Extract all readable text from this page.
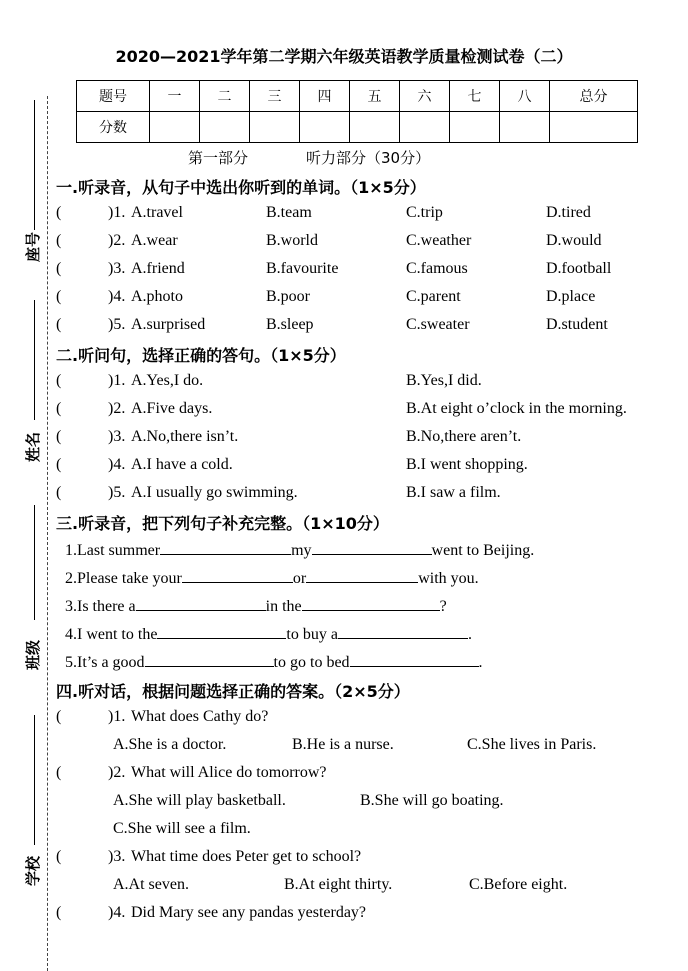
2020—2021学年第二学期六年级英语教学质量检测试卷（二）
题号	一	二	三	四	五	六	七	八	总分
分数									
第一部分	听力部分（30分）
座号
姓名
班级
学校
一.听录音，从句子中选出你听到的单词。（1×5分）
(	)1. A.travel	B.team	C.trip	D.tired
(	)2. A.wear	B.world	C.weather	D.would
(	)3. A.friend	B.favourite	C.famous	D.football
(	)4. A.photo	B.poor	C.parent	D.place
(	)5. A.surprised	B.sleep	C.sweater	D.student
二.听问句，选择正确的答句。（1×5分）
(	)1. A.Yes,I do.	B.Yes,I did.
(	)2. A.Five days.	B.At eight o’clock in the morning.
(	)3. A.No,there isn’t.	B.No,there aren’t.
(	)4. A.I have a cold.	B.I went shopping.
(	)5. A.I usually go swimming.	B.I saw a film.
三.听录音，把下列句子补充完整。（1×10分）
1.Last summer	my	went to Beijing.
2.Please take your	or	with you.
3.Is there a	in the	?
4.I went to the	to buy a	.
5.It’s a good	to go to bed	.
四.听对话，根据问题选择正确的答案。（2×5分）
(	)1. What does Cathy do?
A.She is a doctor.	B.He is a nurse.	C.She lives in Paris.
(	)2. What will Alice do tomorrow?
A.She will play basketball.	B.She will go boating.
C.She will see a film.
(	)3. What time does Peter get to school?
A.At seven.	B.At eight thirty.	C.Before eight.
(	)4. Did Mary see any pandas yesterday?
